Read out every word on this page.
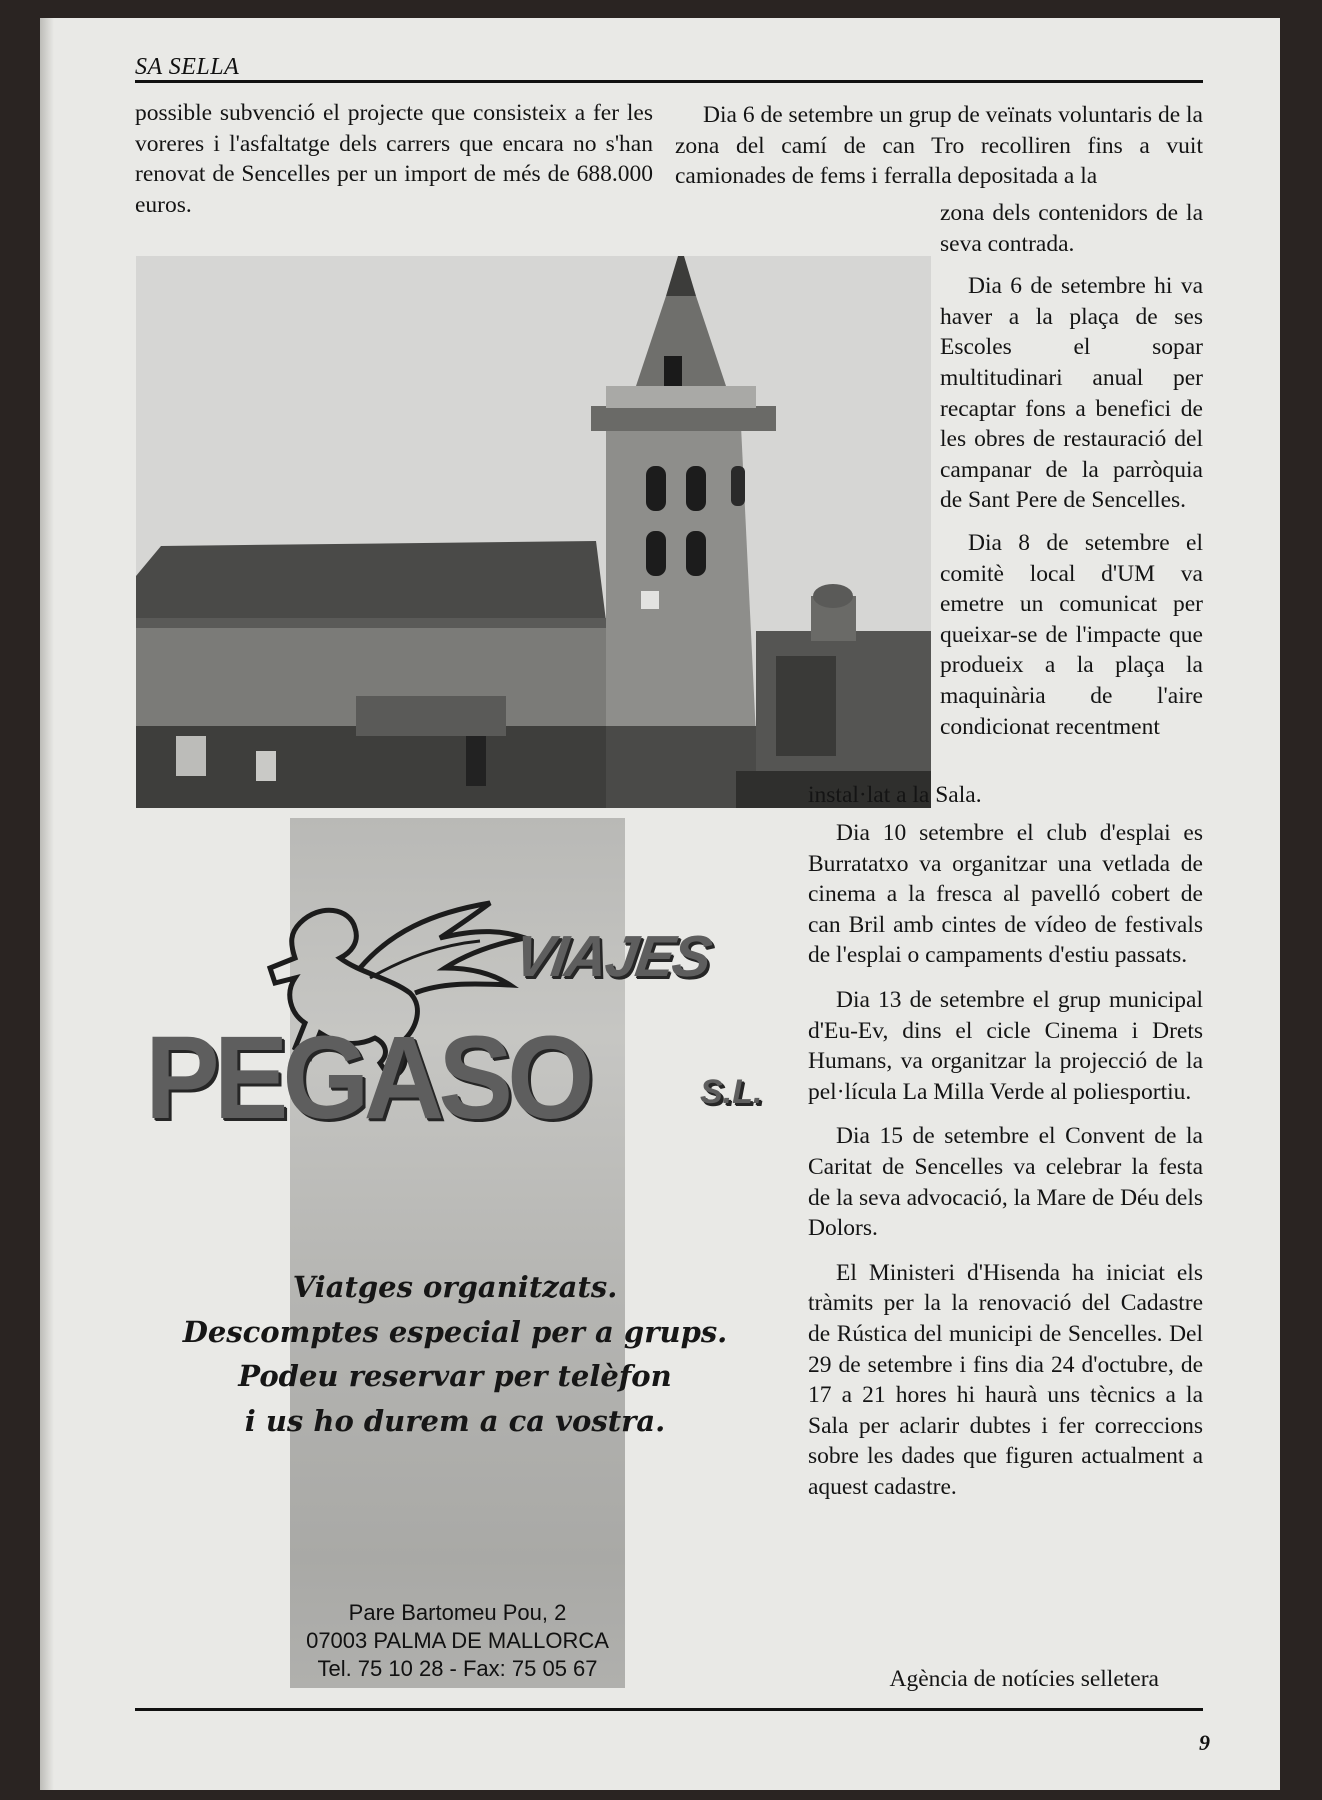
SA SELLA
possible subvenció el projecte que consisteix a fer les voreres i l'asfaltatge dels carrers que encara no s'han renovat de Sencelles per un import de més de 688.000 euros.
Dia 6 de setembre un grup de veïnats voluntaris de la zona del camí de can Tro recolliren fins a vuit camionades de fems i ferralla depositada a la
zona dels contenidors de la seva contrada.
Dia 6 de setembre hi va haver a la plaça de ses Escoles el sopar multitudinari anual per recaptar fons a benefici de les obres de restauració del campanar de la parròquia de Sant Pere de Sencelles.
Dia 8 de setembre el comitè local d'UM va emetre un comunicat per queixar-se de l'impacte que produeix a la plaça la maquinària de l'aire condicionat recentment
instal·lat a la Sala.
Dia 10 setembre el club d'esplai es Burratatxo va organitzar una vetlada de cinema a la fresca al pavelló cobert de can Bril amb cintes de vídeo de festivals de l'esplai o campaments d'estiu passats.
Dia 13 de setembre el grup municipal d'Eu-Ev, dins el cicle Cinema i Drets Humans, va organitzar la projecció de la pel·lícula La Milla Verde al poliesportiu.
Dia 15 de setembre el Convent de la Caritat de Sencelles va celebrar la festa de la seva advocació, la Mare de Déu dels Dolors.
El Ministeri d'Hisenda ha iniciat els tràmits per la la renovació del Cadastre de Rústica del municipi de Sencelles. Del 29 de setembre i fins dia 24 d'octubre, de 17 a 21 hores hi haurà uns tècnics a la Sala per aclarir dubtes i fer correccions sobre les dades que figuren actualment a aquest cadastre.
Agència de notícies selletera
VIAJES
PEGASO	S.L.
Viatges organitzats.
Descomptes especial per a grups.
Podeu reservar per telèfon
i us ho durem a ca vostra.
Pare Bartomeu Pou, 2
07003 PALMA DE MALLORCA
Tel. 75 10 28 - Fax: 75 05 67
9
